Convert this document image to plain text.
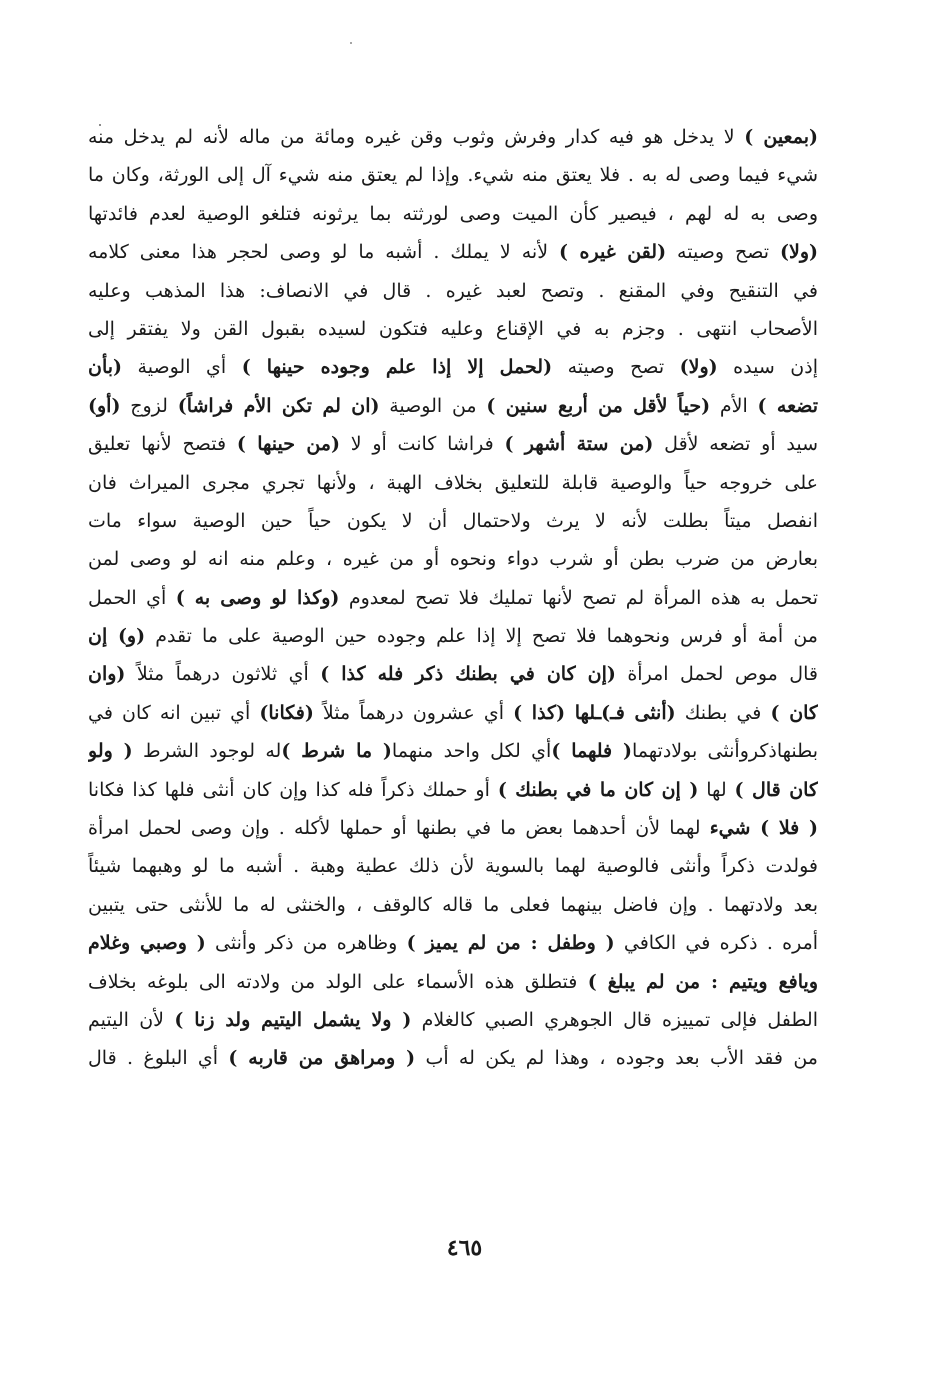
(بمعين ) لا يدخل هو فيه كدار وفرش وثوب وقن غيره ومائة من ماله لأنه لم يدخل منه
شيء فيما وصى له به . فلا يعتق منه شيء. وإذا لم يعتق منه شيء آل إلى الورثة، وكان ما
وصى به له لهم ، فيصير كأن الميت وصى لورثته بما يرثونه فتلغو الوصية لعدم فائدتها
(ولا) تصح وصيته (لقن غيره ) لأنه لا يملك . أشبه ما لو وصى لحجر هذا معنى كلامه
في التنقيح وفي المقنع . وتصح لعبد غيره . قال في الانصاف: هذا المذهب وعليه
الأصحاب انتهى . وجزم به في الإقناع وعليه فتكون لسيده بقبول القن ولا يفتقر إلى
إذن سيده (ولا) تصح وصيته (لحمل إلا إذا علم وجوده حينها ) أي الوصية (بأن
تضعه ) الأم (حياً لأقل من أربع سنين ) من الوصية (ان لم تكن الأم فراشاً) لزوج (أو)
سيد أو تضعه لأقل (من ستة أشهر ) فراشا كانت أو لا (من حينها ) فتصح لأنها تعليق
على خروجه حياً والوصية قابلة للتعليق بخلاف الهبة ، ولأنها تجري مجرى الميراث فان
انفصل ميتاً بطلت لأنه لا يرث ولاحتمال أن لا يكون حياً حين الوصية سواء مات
بعارض من ضرب بطن أو شرب دواء ونحوه أو من غيره ، وعلم منه انه لو وصى لمن
تحمل به هذه المرأة لم تصح لأنها تمليك فلا تصح لمعدوم (وكذا لو وصى به ) أي الحمل
من أمة أو فرس ونحوهما فلا تصح إلا إذا علم وجوده حين الوصية على ما تقدم (و) إن
قال موص لحمل امرأة (إن كان في بطنك ذكر فله كذا ) أي ثلاثون درهماً مثلاً (وان
كان ) في بطنك (أنثى فـ)ـلها (كذا ) أي عشرون درهماً مثلاً (فكانا) أي تبين انه كان في
بطنهاذكروأنثى بولادتهما( فلهما )أي لكل واحد منهما( ما شرط )له لوجود الشرط ( ولو
كان قال ) لها ( إن كان ما في بطنك ) أو حملك ذكراً فله كذا وإن كان أنثى فلها كذا فكانا
( فلا ) شيء لهما لأن أحدهما بعض ما في بطنها أو حملها لأكله . وإن وصى لحمل امرأة
فولدت ذكراً وأنثى فالوصية لهما بالسوية لأن ذلك عطية وهبة . أشبه ما لو وهبهما شيئاً
بعد ولادتهما . وإن فاضل بينهما فعلى ما قاله كالوقف ، والخنثى له ما للأنثى حتى يتبين
أمره . ذكره في الكافي ( وطفل : من لم يميز ) وظاهره من ذكر وأنثى ( وصبي وغلام
ويافع ويتيم : من لم يبلغ ) فتطلق هذه الأسماء على الولد من ولادته الى بلوغه بخلاف
الطفل فإلى تمييزه قال الجوهري الصبي كالغلام ( ولا يشمل اليتيم ولد زنا ) لأن اليتيم
من فقد الأب بعد وجوده ، وهذا لم يكن له أب ( ومراهق من قاربه ) أي البلوغ . قال
٤٦٥
